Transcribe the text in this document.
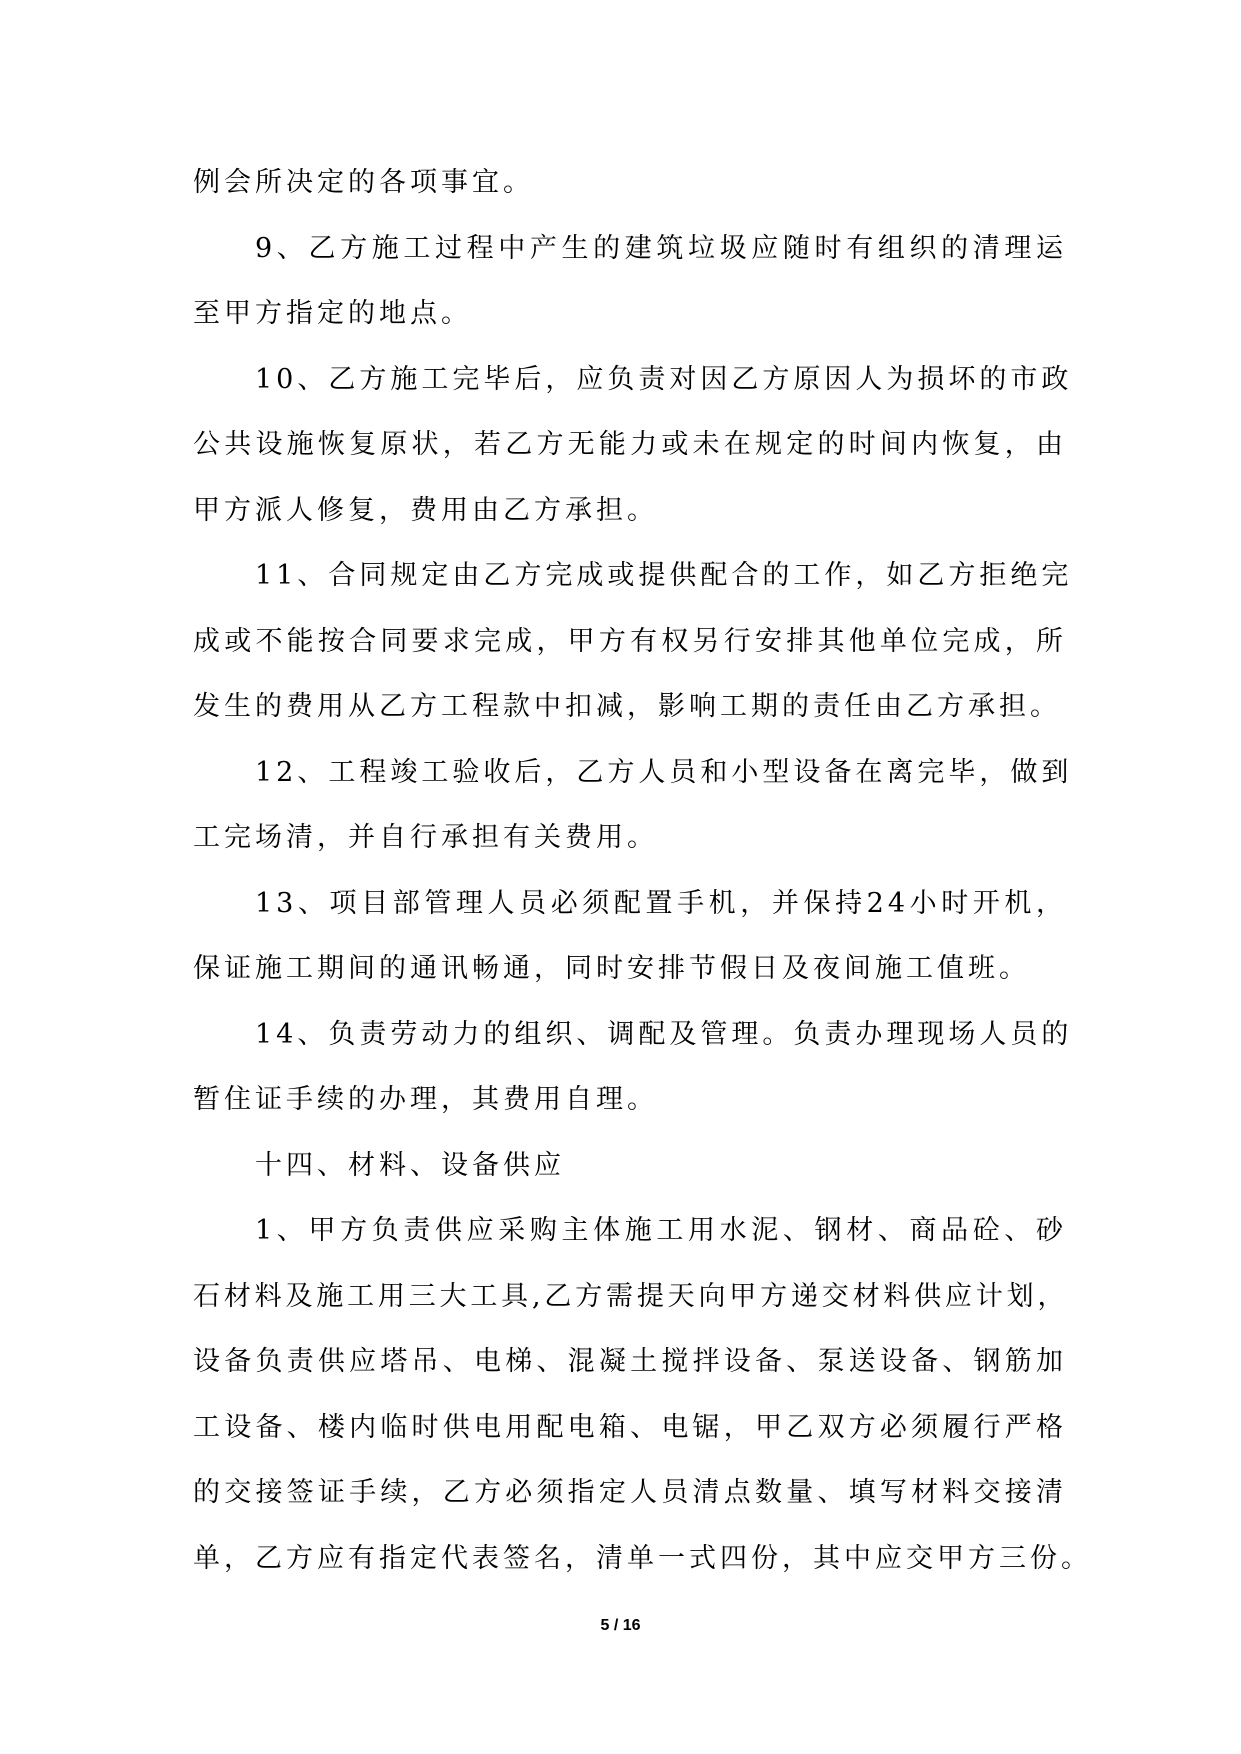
例会所决定的各项事宜。
9、乙方施工过程中产生的建筑垃圾应随时有组织的清理运
至甲方指定的地点。
10、乙方施工完毕后，应负责对因乙方原因人为损坏的市政
公共设施恢复原状，若乙方无能力或未在规定的时间内恢复，由
甲方派人修复，费用由乙方承担。
11、合同规定由乙方完成或提供配合的工作，如乙方拒绝完
成或不能按合同要求完成，甲方有权另行安排其他单位完成，所
发生的费用从乙方工程款中扣减，影响工期的责任由乙方承担。
12、工程竣工验收后，乙方人员和小型设备在离完毕，做到
工完场清，并自行承担有关费用。
13、项目部管理人员必须配置手机，并保持24小时开机，
保证施工期间的通讯畅通，同时安排节假日及夜间施工值班。
14、负责劳动力的组织、调配及管理。负责办理现场人员的
暂住证手续的办理，其费用自理。
十四、材料、设备供应
1、甲方负责供应采购主体施工用水泥、钢材、商品砼、砂
石材料及施工用三大工具,乙方需提天向甲方递交材料供应计划，
设备负责供应塔吊、电梯、混凝土搅拌设备、泵送设备、钢筋加
工设备、楼内临时供电用配电箱、电锯，甲乙双方必须履行严格
的交接签证手续，乙方必须指定人员清点数量、填写材料交接清
单，乙方应有指定代表签名，清单一式四份，其中应交甲方三份。
5 / 16
